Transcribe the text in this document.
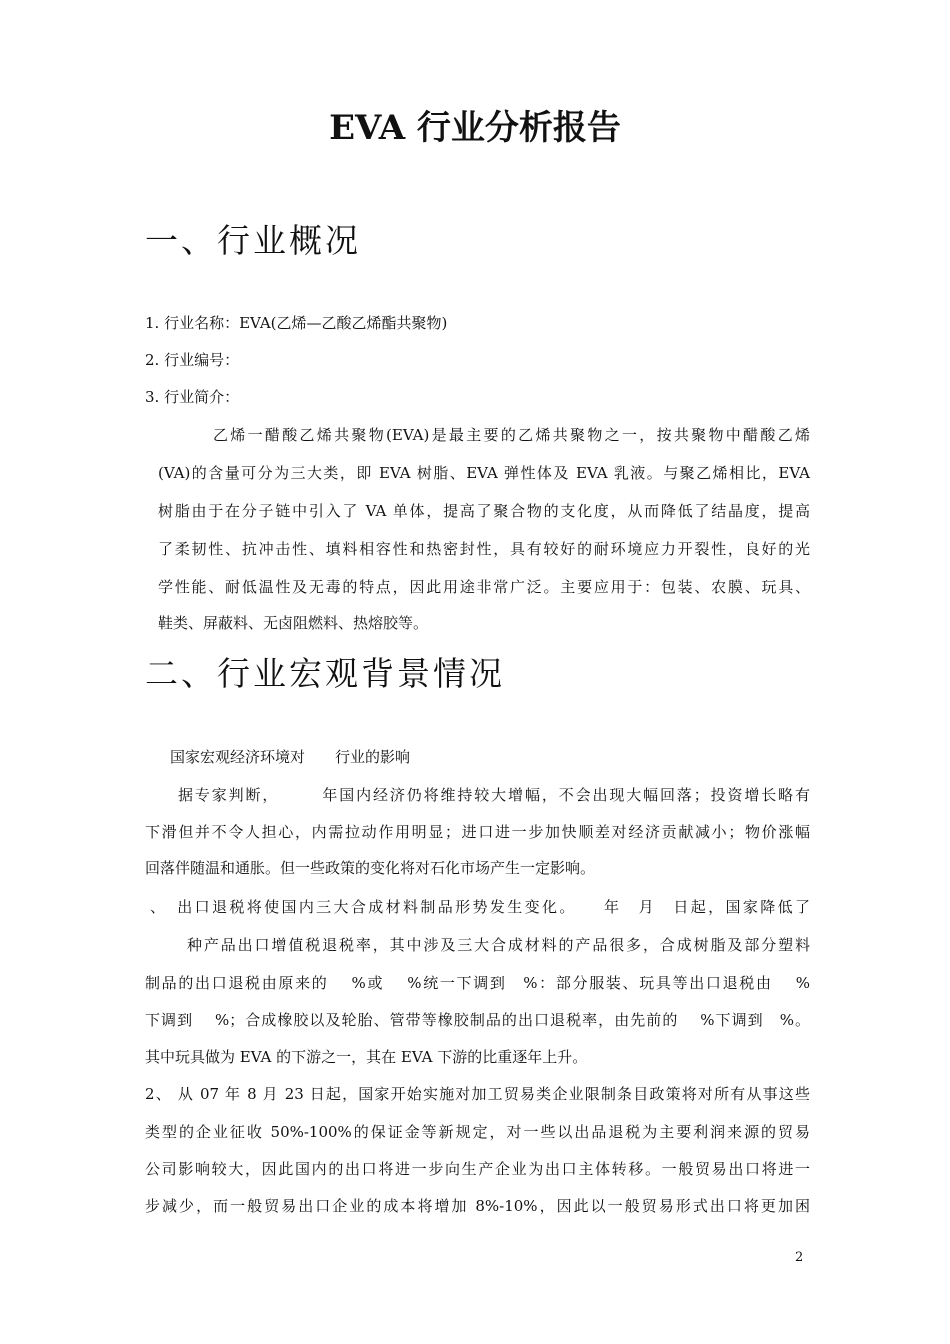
EVA 行业分析报告
一、行业概况

1. 行业名称：EVA(乙烯—乙酸乙烯酯共聚物)

2. 行业编号：

3. 行业简介：

乙烯一醋酸乙烯共聚物(EVA)是最主要的乙烯共聚物之一，按共聚物中醋酸乙烯

(VA)的含量可分为三大类，即 EVA 树脂、EVA 弹性体及 EVA 乳液。与聚乙烯相比，EVA

树脂由于在分子链中引入了 VA 单体，提高了聚合物的支化度，从而降低了结晶度，提高

了柔韧性、抗冲击性、填料相容性和热密封性，具有较好的耐环境应力开裂性，良好的光

学性能、耐低温性及无毒的特点，因此用途非常广泛。主要应用于：包装、农膜、玩具、

鞋类、屏蔽料、无卤阻燃料、热熔胶等。

二、行业宏观背景情况

国家宏观经济环境对　　行业的影响

据专家判断，　　　年国内经济仍将维持较大增幅，不会出现大幅回落；投资增长略有

下滑但并不令人担心，内需拉动作用明显；进口进一步加快顺差对经济贡献减小；物价涨幅

回落伴随温和通胀。但一些政策的变化将对石化市场产生一定影响。

、　出口退税将使国内三大合成材料制品形势发生变化。　　年　月　日起，国家降低了

种产品出口增值税退税率，其中涉及三大合成材料的产品很多，合成树脂及部分塑料

制品的出口退税由原来的　 %或　 %统一下调到　%：部分服装、玩具等出口退税由　 %

下调到　 %；合成橡胶以及轮胎、管带等橡胶制品的出口退税率，由先前的　 %下调到　%。

其中玩具做为 EVA 的下游之一，其在 EVA 下游的比重逐年上升。

2、 从 07 年 8 月 23 日起，国家开始实施对加工贸易类企业限制条目政策将对所有从事这些

类型的企业征收 50%-100%的保证金等新规定，对一些以出品退税为主要利润来源的贸易

公司影响较大，因此国内的出口将进一步向生产企业为出口主体转移。一般贸易出口将进一

步减少，而一般贸易出口企业的成本将增加 8%-10%，因此以一般贸易形式出口将更加困

2
